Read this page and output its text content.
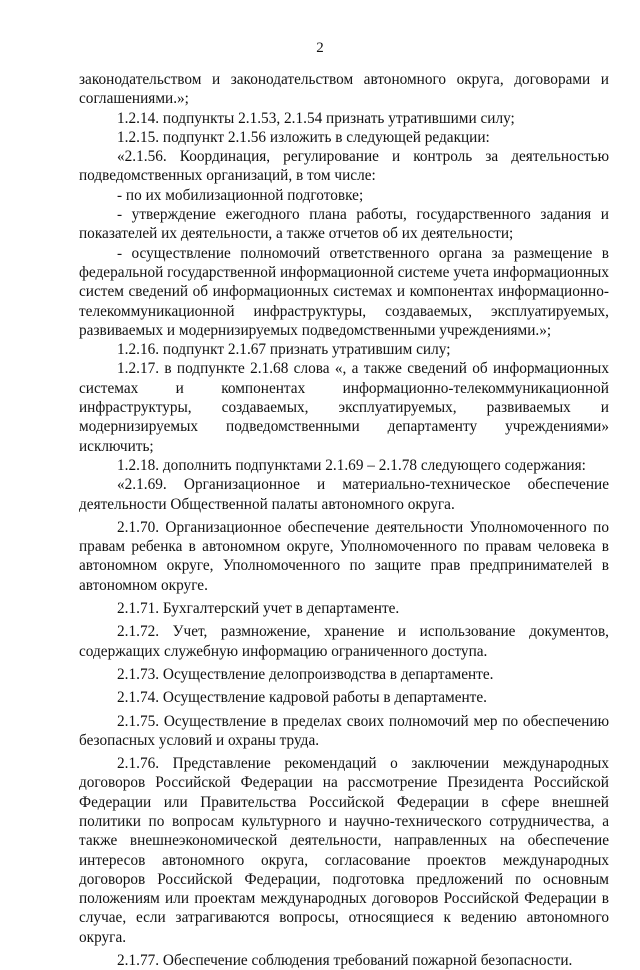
2

законодательством и законодательством автономного округа, договорами и соглашениями.»;

1.2.14. подпункты 2.1.53, 2.1.54 признать утратившими силу;

1.2.15. подпункт 2.1.56 изложить в следующей редакции:

«2.1.56. Координация, регулирование и контроль за деятельностью подведомственных организаций, в том числе:

- по их мобилизационной подготовке;

- утверждение ежегодного плана работы, государственного задания и показателей их деятельности, а также отчетов об их деятельности;

- осуществление полномочий ответственного органа за размещение в федеральной государственной информационной системе учета информационных систем сведений об информационных системах и компонентах информационно-телекоммуникационной инфраструктуры, создаваемых, эксплуатируемых, развиваемых и модернизируемых подведомственными учреждениями.»;

1.2.16. подпункт 2.1.67 признать утратившим силу;

1.2.17. в подпункте 2.1.68 слова «, а также сведений об информационных системах и компонентах информационно-телекоммуникационной инфраструктуры, создаваемых, эксплуатируемых, развиваемых и модернизируемых подведомственными департаменту учреждениями» исключить;

1.2.18. дополнить подпунктами 2.1.69 – 2.1.78 следующего содержания:

«2.1.69. Организационное и материально-техническое обеспечение деятельности Общественной палаты автономного округа.

2.1.70. Организационное обеспечение деятельности Уполномоченного по правам ребенка в автономном округе, Уполномоченного по правам человека в автономном округе, Уполномоченного по защите прав предпринимателей в автономном округе.

2.1.71. Бухгалтерский учет в департаменте.

2.1.72. Учет, размножение, хранение и использование документов, содержащих служебную информацию ограниченного доступа.

2.1.73. Осуществление делопроизводства в департаменте.

2.1.74. Осуществление кадровой работы в департаменте.

2.1.75. Осуществление в пределах своих полномочий мер по обеспечению безопасных условий и охраны труда.

2.1.76. Представление рекомендаций о заключении международных договоров Российской Федерации на рассмотрение Президента Российской Федерации или Правительства Российской Федерации в сфере внешней политики по вопросам культурного и научно-технического сотрудничества, а также внешнеэкономической деятельности, направленных на обеспечение интересов автономного округа, согласование проектов международных договоров Российской Федерации, подготовка предложений по основным положениям или проектам международных договоров Российской Федерации в случае, если затрагиваются вопросы, относящиеся к ведению автономного округа.

2.1.77. Обеспечение соблюдения требований пожарной безопасности.
